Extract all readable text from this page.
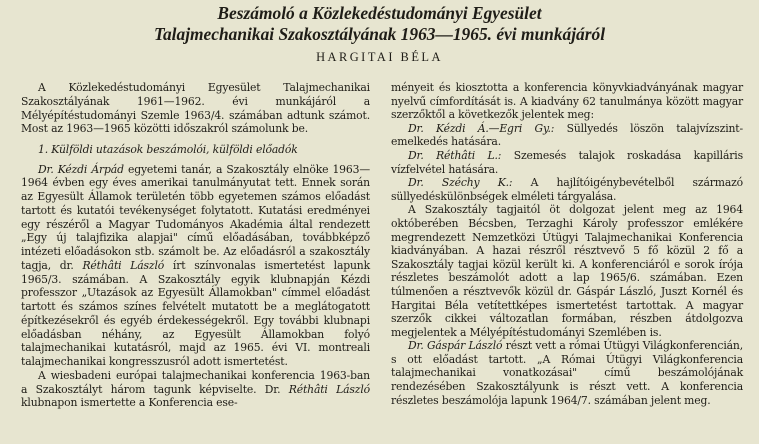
Beszámoló a Közlekedéstudományi Egyesület
Talajmechanikai Szakosztályának 1963—1965. évi munkájáról
HARGITAI BÉLA

A Közlekedéstudományi Egyesület Talajmechanikai Szakosztályának 1961—1962. évi munkájáról a Mélyépítéstudományi Szemle 1963/4. számában adtunk számot. Most az 1963—1965 közötti időszakról számolunk be.

1. Külföldi utazások beszámolói, külföldi előadók

Dr. Kézdi Árpád egyetemi tanár, a Szakosztály elnöke 1963—1964 évben egy éves amerikai tanulmányutat tett. Ennek során az Egyesült Államok területén több egyetemen számos előadást tartott és kutatói tevékenységet folytatott. Kutatási eredményei egy részéről a Magyar Tudományos Akadémia által rendezett „Egy új talajfizika alapjai" című előadásában, továbbképző intézeti előadásokon stb. számolt be. Az előadásról a szakosztály tagja, dr. Réthâti László írt színvonalas ismertetést lapunk 1965/3. számában. A Szakosztály egyik klubnapján Kézdi professzor „Utazások az Egyesült Államokban" címmel előadást tartott és számos színes felvételt mutatott be a meglátogatott építkezésekről és egyéb érdekességekről. Egy további klubnapi előadásban néhány, az Egyesült Államokban folyó talajmechanikai kutatásról, majd az 1965. évi VI. montreali talajmechanikai kongresszusról adott ismertetést.

A wiesbadeni európai talajmechanikai konferencia 1963-ban a Szakosztályt három tagunk képviselte. Dr. Réthâti László klubnapon ismertette a Konferencia ese-

ményeit és kiosztotta a konferencia könyvkiadványának magyar nyelvű címfordítását is. A kiadvány 62 tanulmánya között magyar szerzőktől a következők jelentek meg:

Dr. Kézdi Á.—Egri Gy.: Süllyedés löszön talajvízszint-emelkedés hatására.

Dr. Réthâti L.: Szemesés talajok roskadása kapilláris vízfelvétel hatására.

Dr. Széchy K.: A hajlítóigénybevételből származó süllyedéskülönbségek elméleti tárgyalása.

A Szakosztály tagjaitól öt dolgozat jelent meg az 1964 októberében Bécsben, Terzaghi Károly professzor emlékére megrendezett Nemzetközi Útügyi Talajmechanikai Konferencia kiadványában. A hazai részről résztvevő 5 fő közül 2 fő a Szakosztály tagjai közül került ki. A konferenciáról e sorok írója részletes beszámolót adott a lap 1965/6. számában. Ezen túlmenően a résztvevők közül dr. Gáspár László, Juszt Kornél és Hargitai Béla vetítettképes ismertetést tartottak. A magyar szerzők cikkei változatlan formában, részben átdolgozva megjelentek a Mélyépítéstudományi Szemlében is.

Dr. Gáspár László részt vett a római Útügyi Világkonferencián, s ott előadást tartott. „A Római Útügyi Világkonferencia talajmechanikai vonatkozásai" című beszámolójának rendezésében Szakosztályunk is részt vett. A konferencia részletes beszámolója lapunk 1964/7. számában jelent meg.
